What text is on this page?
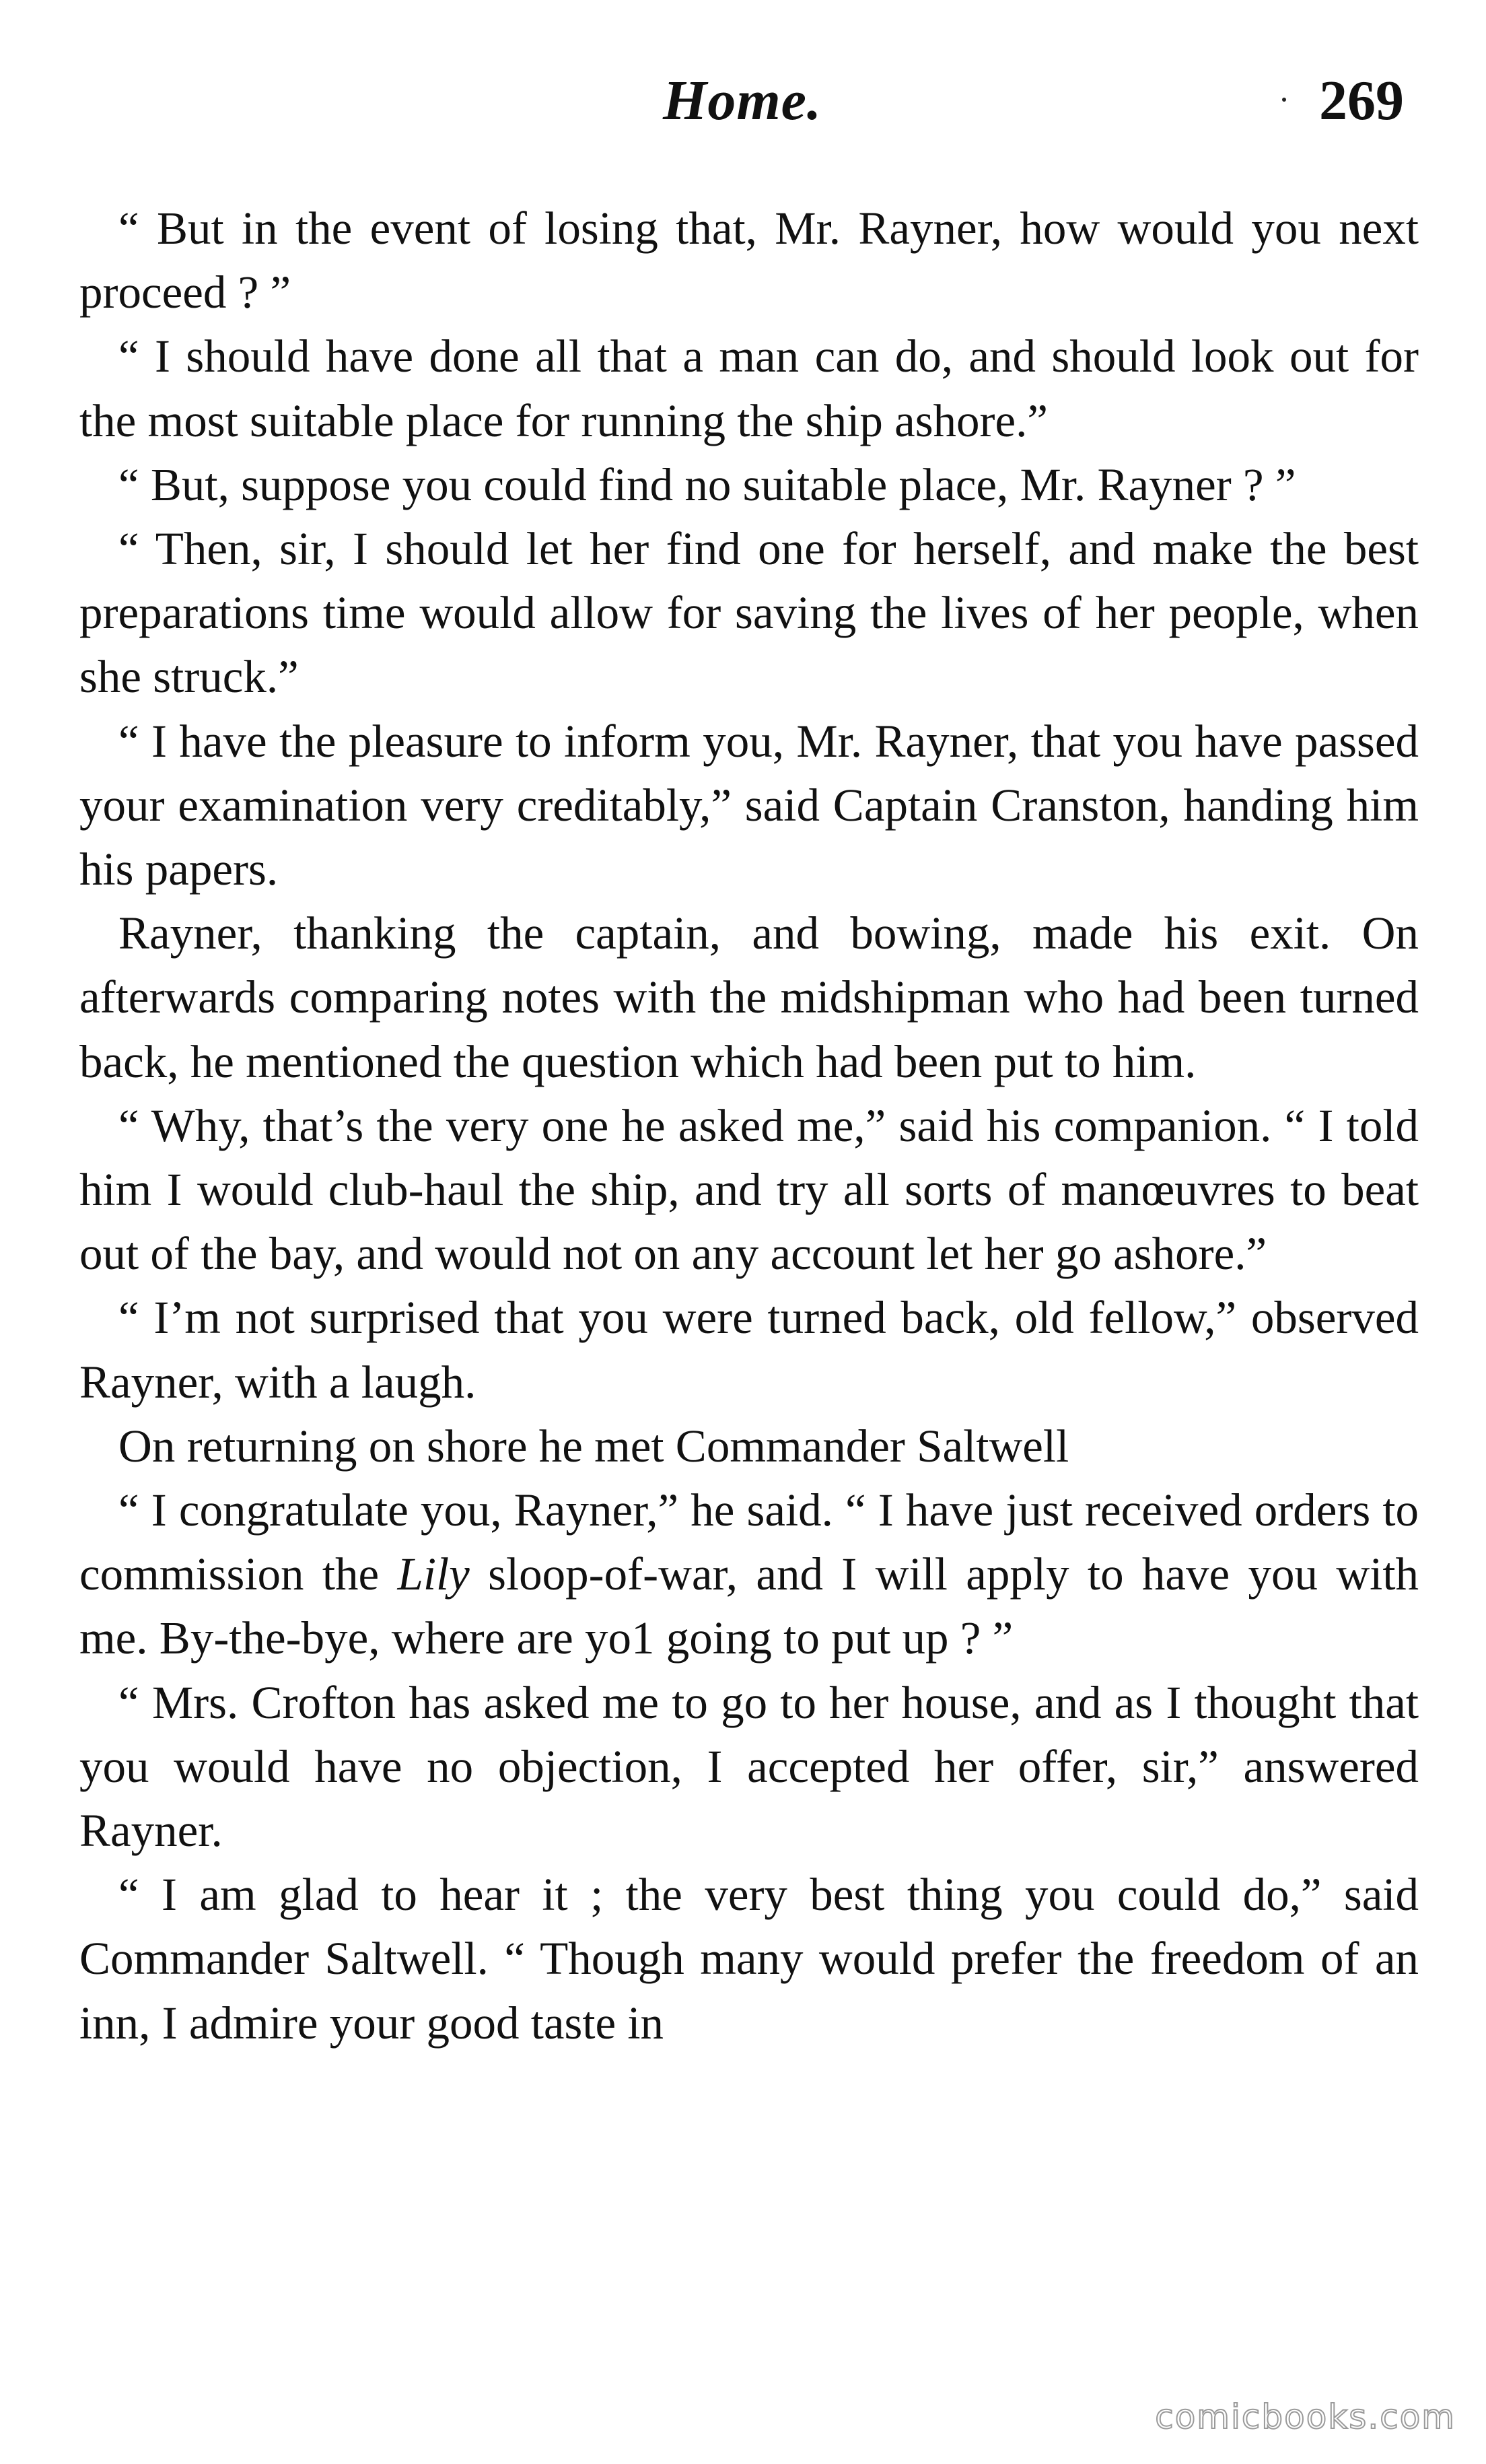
Home.	269

“ But in the event of losing that, Mr. Rayner, how would you next proceed ? ”

“ I should have done all that a man can do, and should look out for the most suitable place for running the ship ashore.”

“ But, suppose you could find no suitable place, Mr. Rayner ? ”

“ Then, sir, I should let her find one for herself, and make the best preparations time would allow for saving the lives of her people, when she struck.”

“ I have the pleasure to inform you, Mr. Rayner, that you have passed your examination very creditably,” said Captain Cranston, handing him his papers.

Rayner, thanking the captain, and bowing, made his exit. On afterwards comparing notes with the midshipman who had been turned back, he mentioned the question which had been put to him.

“ Why, that’s the very one he asked me,” said his companion. “ I told him I would club-haul the ship, and try all sorts of manœuvres to beat out of the bay, and would not on any account let her go ashore.”

“ I’m not surprised that you were turned back, old fellow,” observed Rayner, with a laugh.

On returning on shore he met Commander Saltwell

“ I congratulate you, Rayner,” he said. “ I have just received orders to commission the Lily sloop-of-war, and I will apply to have you with me. By-the-bye, where are yo1 going to put up ? ”

“ Mrs. Crofton has asked me to go to her house, and as I thought that you would have no objection, I accepted her offer, sir,” answered Rayner.

“ I am glad to hear it ; the very best thing you could do,” said Commander Saltwell. “ Though many would prefer the freedom of an inn, I admire your good taste in

comicbooks.com
